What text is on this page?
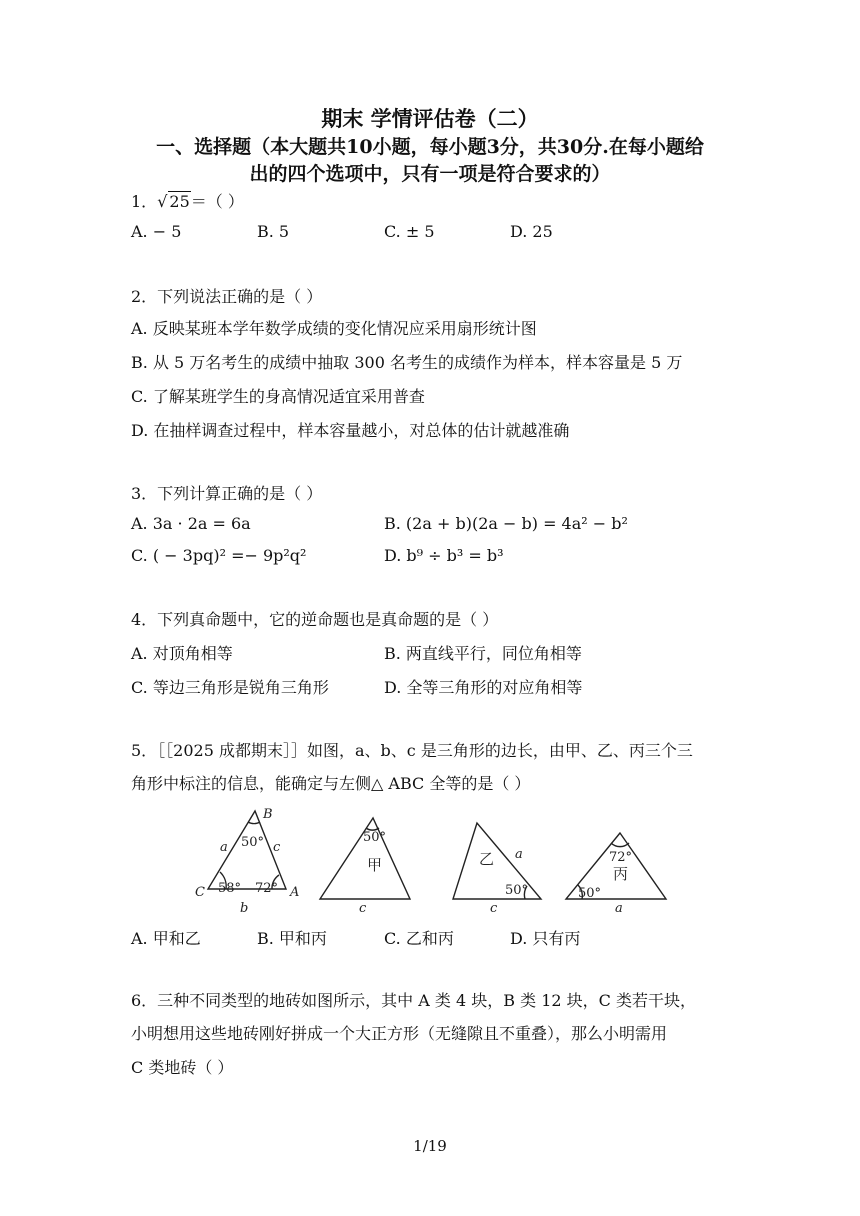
期末 学情评估卷（二）
一、选择题（本大题共10小题，每小题3分，共30分.在每小题给
出的四个选项中，只有一项是符合要求的）
1．√ 25＝（ ）
A. − 5	B. 5	C. ± 5	D. 25
2．下列说法正确的是（ ）
A. 反映某班本学年数学成绩的变化情况应采用扇形统计图
B. 从 5 万名考生的成绩中抽取 300 名考生的成绩作为样本，样本容量是 5 万
C. 了解某班学生的身高情况适宜采用普查
D. 在抽样调查过程中，样本容量越小，对总体的估计就越准确
3．下列计算正确的是（ ）
A. 3a · 2a = 6a	B. (2a + b)(2a − b) = 4a² − b²
C. ( − 3pq)² =− 9p²q²	D. b⁹ ÷ b³ = b³
4．下列真命题中，它的逆命题也是真命题的是（ ）
A. 对顶角相等	B. 两直线平行，同位角相等
C. 等边三角形是锐角三角形	D. 全等三角形的对应角相等
5．［［2025 成都期末］］如图，a、b、c 是三角形的边长，由甲、乙、丙三个三
角形中标注的信息，能确定与左侧△ ABC 全等的是（ ）
B
C	A
a	c
b
50°
58° 72°
50°
甲
c
乙 a
50°
c
72°
丙
50°
a
A. 甲和乙	B. 甲和丙	C. 乙和丙	D. 只有丙
6．三种不同类型的地砖如图所示，其中 A 类 4 块，B 类 12 块，C 类若干块，
小明想用这些地砖刚好拼成一个大正方形（无缝隙且不重叠），那么小明需用
C 类地砖（ ）
1/19
